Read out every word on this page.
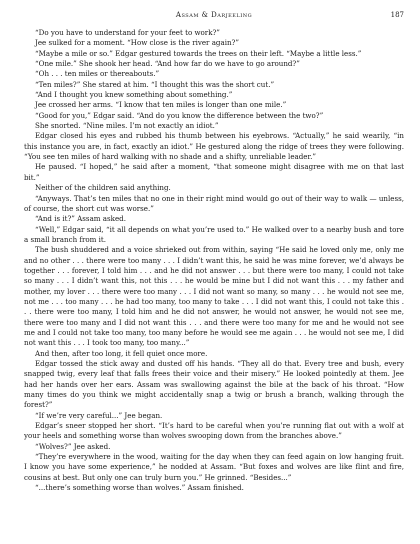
Assam & Darjeeling	187

“Do you have to understand for your feet to work?”

Jee sulked for a moment. “How close is the river again?”

“Maybe a mile or so.” Edgar gestured towards the trees on their left. “Maybe a little less.”

“One mile.” She shook her head. “And how far do we have to go around?”

“Oh . . . ten miles or thereabouts.”

“Ten miles?” She stared at him. “I thought this was the short cut.”

“And I thought you knew something about something.”

Jee crossed her arms. “I know that ten miles is longer than one mile.”

“Good for you,” Edgar said. “And do you know the difference between the two?”

She snorted. “Nine miles. I’m not exactly an idiot.”

Edgar closed his eyes and rubbed his thumb between his eyebrows. “Actually,” he said wearily, “in this instance you are, in fact, exactly an idiot.” He gestured along the ridge of trees they were following. “You see ten miles of hard walking with no shade and a shifty, unreliable leader.”

He paused. “I hoped,” he said after a moment, “that someone might disagree with me on that last bit.”

Neither of the children said anything.

“Anyways. That’s ten miles that no one in their right mind would go out of their way to walk — unless, of course, the short cut was worse.”

“And is it?” Assam asked.

“Well,” Edgar said, “it all depends on what you’re used to.” He walked over to a nearby bush and tore a small branch from it.

The bush shuddered and a voice shrieked out from within, saying “He said he loved only me, only me and no other . . . there were too many . . . I didn’t want this, he said he was mine forever, we’d always be together . . . forever, I told him . . . and he did not answer . . . but there were too many, I could not take so many . . . I didn’t want this, not this . . . he would be mine but I did not want this . . . my father and mother, my lover . . . there were too many . . . I did not want so many, so many . . . he would not see me, not me . . . too many . . . he had too many, too many to take . . . I did not want this, I could not take this . . . there were too many, I told him and he did not answer, he would not answer, he would not see me, there were too many and I did not want this . . . and there were too many for me and he would not see me and I could not take too many, too many before he would see me again . . . he would not see me, I did not want this . . . I took too many, too many...”

And then, after too long, it fell quiet once more.

Edgar tossed the stick away and dusted off his hands. “They all do that. Every tree and bush, every snapped twig, every leaf that falls frees their voice and their misery.” He looked pointedly at them. Jee had her hands over her ears. Assam was swallowing against the bile at the back of his throat. “How many times do you think we might accidentally snap a twig or brush a branch, walking through the forest?”

“If we’re very careful...” Jee began.

Edgar’s sneer stopped her short. “It’s hard to be careful when you’re running flat out with a wolf at your heels and something worse than wolves swooping down from the branches above.”

“Wolves?” Jee asked.

“They’re everywhere in the wood, waiting for the day when they can feed again on low hanging fruit. I know you have some experience,” he nodded at Assam. “But foxes and wolves are like flint and fire, cousins at best. But only one can truly burn you.” He grinned. “Besides...”

“...there’s something worse than wolves.” Assam finished.
